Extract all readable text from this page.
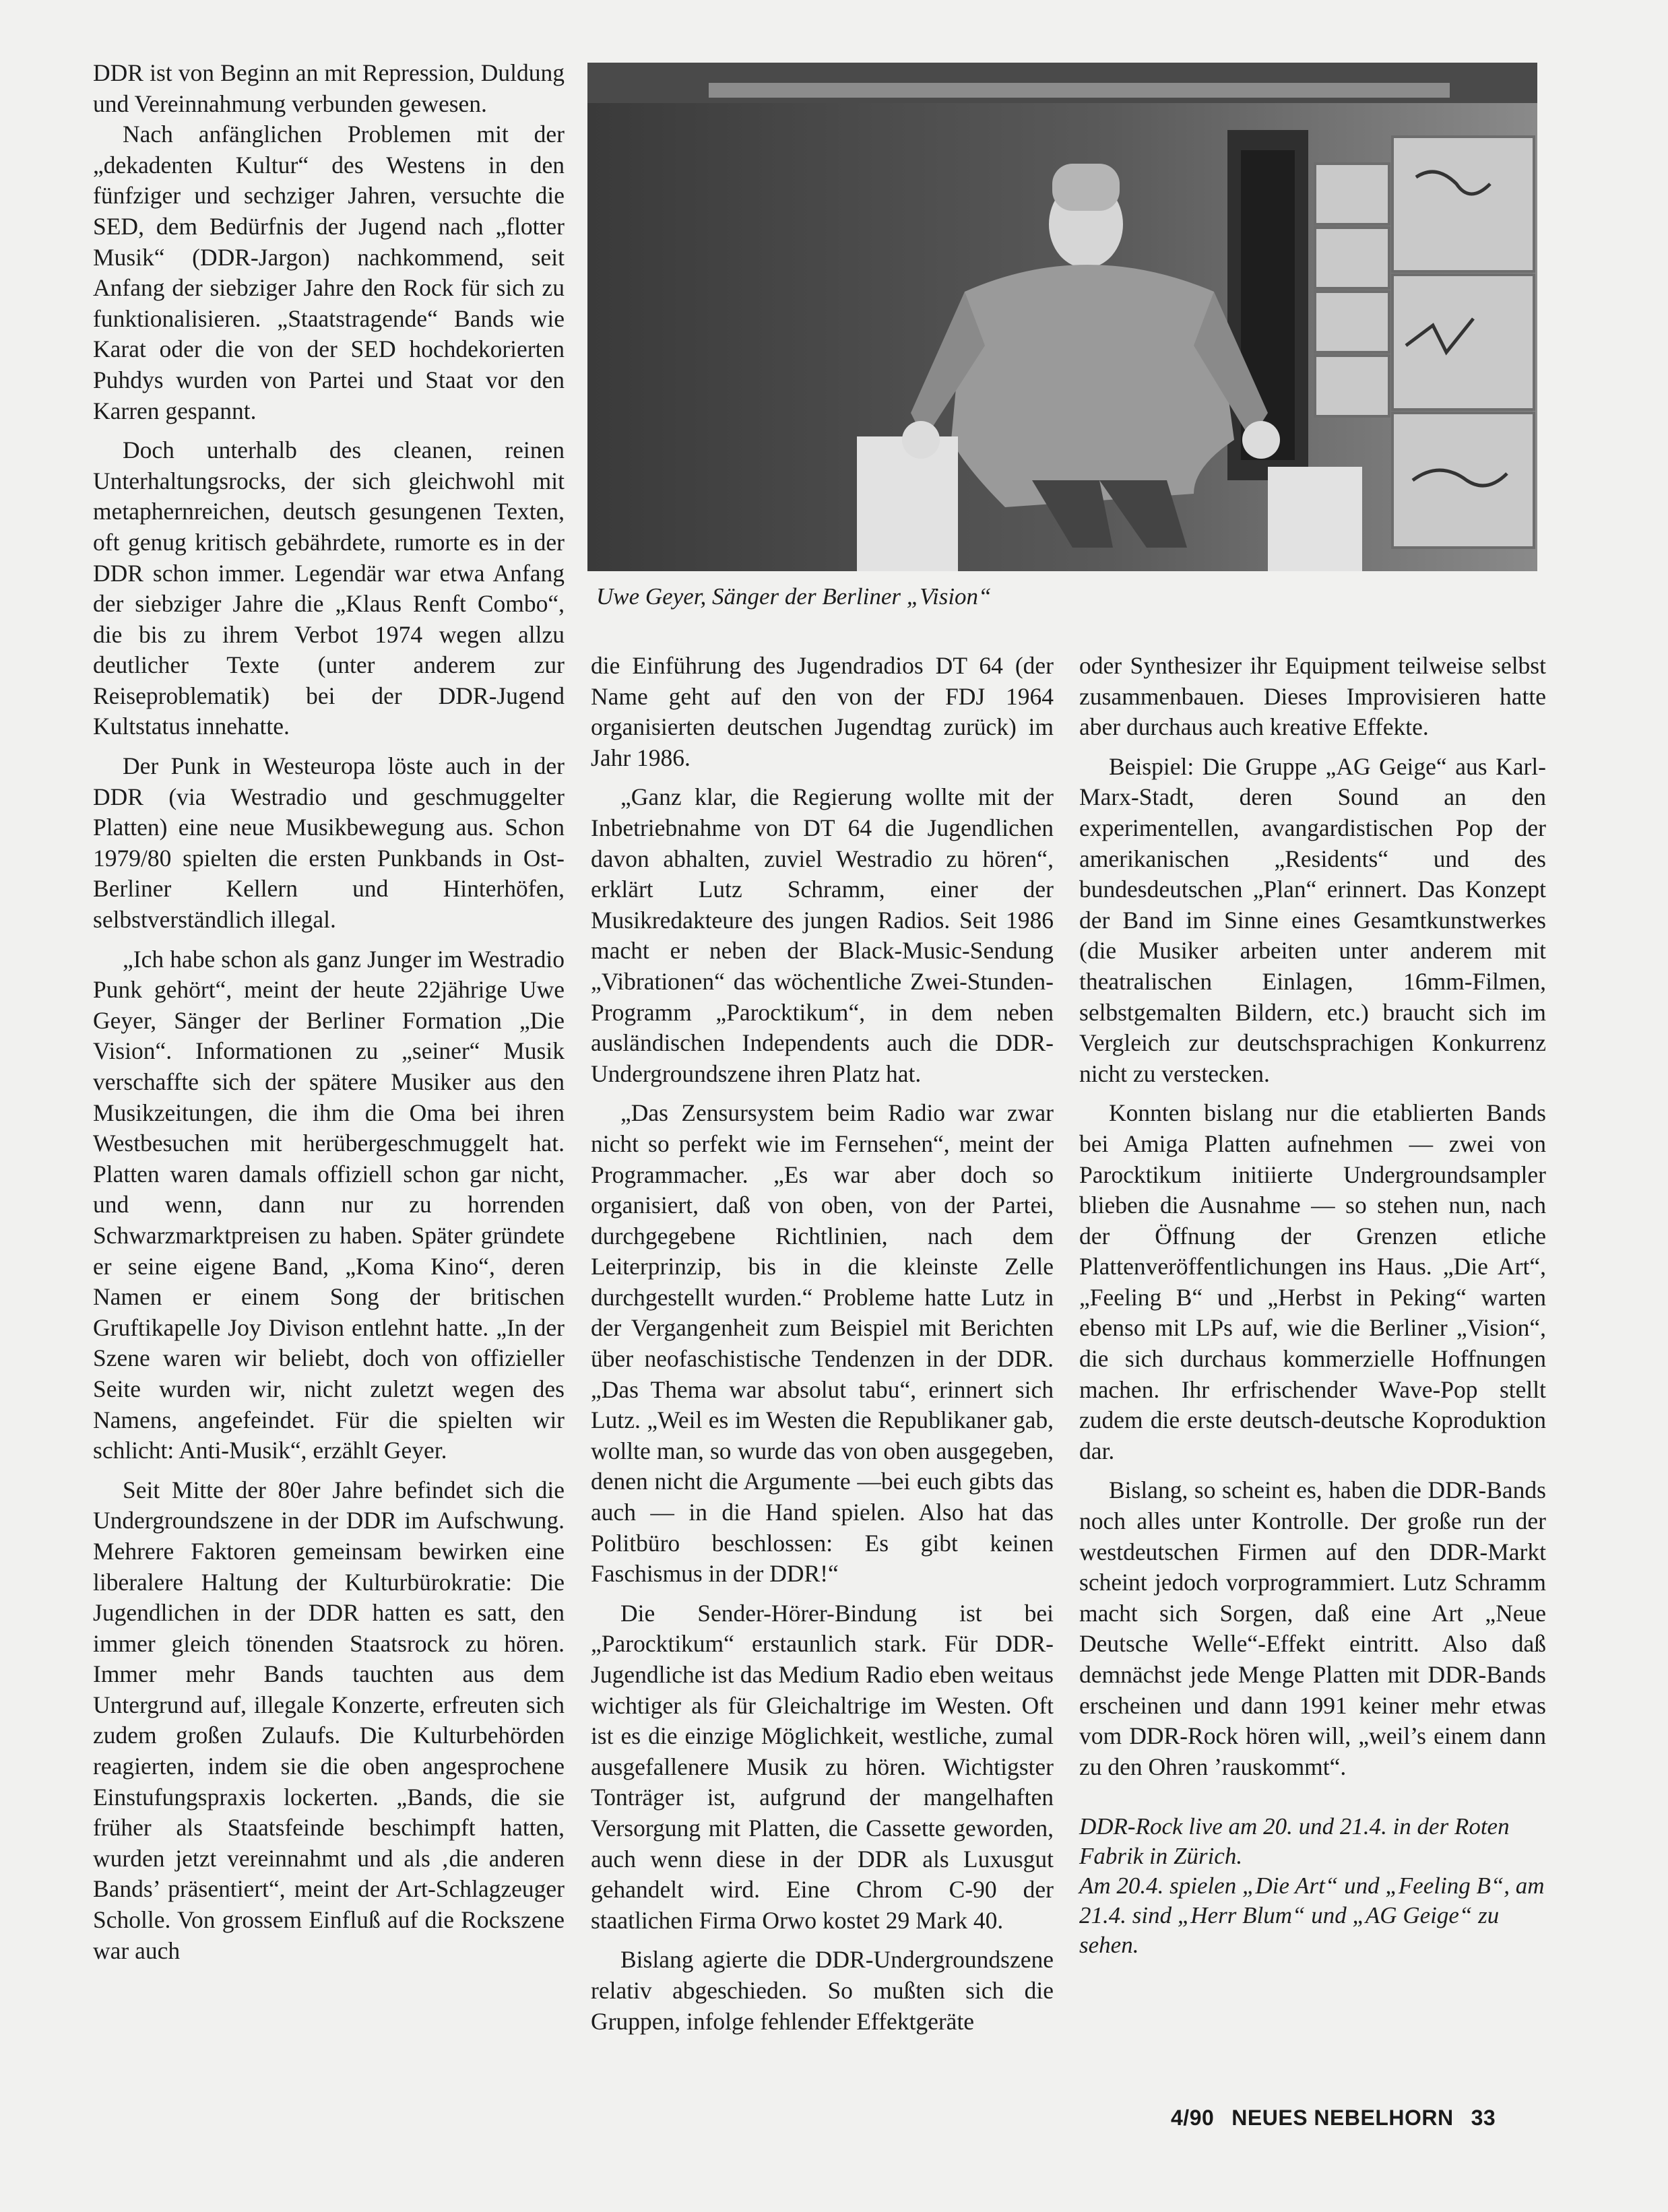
DDR ist von Beginn an mit Repression, Duldung und Vereinnahmung verbunden gewesen.

Nach anfänglichen Problemen mit der „dekadenten Kultur“ des Westens in den fünfziger und sechziger Jahren, versuchte die SED, dem Bedürfnis der Jugend nach „flotter Musik“ (DDR-Jargon) nachkommend, seit Anfang der siebziger Jahre den Rock für sich zu funktionalisieren. „Staatstragende“ Bands wie Karat oder die von der SED hochdekorierten Puhdys wurden von Partei und Staat vor den Karren gespannt.

Doch unterhalb des cleanen, reinen Unterhaltungsrocks, der sich gleichwohl mit metaphernreichen, deutsch gesungenen Texten, oft genug kritisch gebährdete, rumorte es in der DDR schon immer. Legendär war etwa Anfang der siebziger Jahre die „Klaus Renft Combo“, die bis zu ihrem Verbot 1974 wegen allzu deutlicher Texte (unter anderem zur Reiseproblematik) bei der DDR-Jugend Kultstatus innehatte.

Der Punk in Westeuropa löste auch in der DDR (via Westradio und geschmuggelter Platten) eine neue Musikbewegung aus. Schon 1979/80 spielten die ersten Punkbands in Ost-Berliner Kellern und Hinterhöfen, selbstverständlich illegal.

„Ich habe schon als ganz Junger im Westradio Punk gehört“, meint der heute 22jährige Uwe Geyer, Sänger der Berliner Formation „Die Vision“. Informationen zu „seiner“ Musik verschaffte sich der spätere Musiker aus den Musikzeitungen, die ihm die Oma bei ihren Westbesuchen mit herübergeschmuggelt hat. Platten waren damals offiziell schon gar nicht, und wenn, dann nur zu horrenden Schwarzmarktpreisen zu haben. Später gründete er seine eigene Band, „Koma Kino“, deren Namen er einem Song der britischen Gruftikapelle Joy Divison entlehnt hatte. „In der Szene waren wir beliebt, doch von offizieller Seite wurden wir, nicht zuletzt wegen des Namens, angefeindet. Für die spielten wir schlicht: Anti-Musik“, erzählt Geyer.

Seit Mitte der 80er Jahre befindet sich die Undergroundszene in der DDR im Aufschwung. Mehrere Faktoren gemeinsam bewirken eine liberalere Haltung der Kulturbürokratie: Die Jugendlichen in der DDR hatten es satt, den immer gleich tönenden Staatsrock zu hören. Immer mehr Bands tauchten aus dem Untergrund auf, illegale Konzerte, erfreuten sich zudem großen Zulaufs. Die Kulturbehörden reagierten, indem sie die oben angesprochene Einstufungspraxis lockerten. „Bands, die sie früher als Staatsfeinde beschimpft hatten, wurden jetzt vereinnahmt und als ‚die anderen Bands’ präsentiert“, meint der Art-Schlagzeuger Scholle. Von grossem Einfluß auf die Rockszene war auch

Uwe Geyer, Sänger der Berliner „Vision“

die Einführung des Jugendradios DT 64 (der Name geht auf den von der FDJ 1964 organisierten deutschen Jugendtag zurück) im Jahr 1986.

„Ganz klar, die Regierung wollte mit der Inbetriebnahme von DT 64 die Jugendlichen davon abhalten, zuviel Westradio zu hören“, erklärt Lutz Schramm, einer der Musikredakteure des jungen Radios. Seit 1986 macht er neben der Black-Music-Sendung „Vibrationen“ das wöchentliche Zwei-Stunden-Programm „Parocktikum“, in dem neben ausländischen Independents auch die DDR-Undergroundszene ihren Platz hat.

„Das Zensursystem beim Radio war zwar nicht so perfekt wie im Fernsehen“, meint der Programmacher. „Es war aber doch so organisiert, daß von oben, von der Partei, durchgegebene Richtlinien, nach dem Leiterprinzip, bis in die kleinste Zelle durchgestellt wurden.“ Probleme hatte Lutz in der Vergangenheit zum Beispiel mit Berichten über neofaschistische Tendenzen in der DDR. „Das Thema war absolut tabu“, erinnert sich Lutz. „Weil es im Westen die Republikaner gab, wollte man, so wurde das von oben ausgegeben, denen nicht die Argumente —bei euch gibts das auch — in die Hand spielen. Also hat das Politbüro beschlossen: Es gibt keinen Faschismus in der DDR!“

Die Sender-Hörer-Bindung ist bei „Parocktikum“ erstaunlich stark. Für DDR-Jugendliche ist das Medium Radio eben weitaus wichtiger als für Gleichaltrige im Westen. Oft ist es die einzige Möglichkeit, westliche, zumal ausgefallenere Musik zu hören. Wichtigster Tonträger ist, aufgrund der mangelhaften Versorgung mit Platten, die Cassette geworden, auch wenn diese in der DDR als Luxusgut gehandelt wird. Eine Chrom C-90 der staatlichen Firma Orwo kostet 29 Mark 40.

Bislang agierte die DDR-Undergroundszene relativ abgeschieden. So mußten sich die Gruppen, infolge fehlender Effektgeräte

oder Synthesizer ihr Equipment teilweise selbst zusammenbauen. Dieses Improvisieren hatte aber durchaus auch kreative Effekte.

Beispiel: Die Gruppe „AG Geige“ aus Karl-Marx-Stadt, deren Sound an den experimentellen, avangardistischen Pop der amerikanischen „Residents“ und des bundesdeutschen „Plan“ erinnert. Das Konzept der Band im Sinne eines Gesamtkunstwerkes (die Musiker arbeiten unter anderem mit theatralischen Einlagen, 16mm-Filmen, selbstgemalten Bildern, etc.) braucht sich im Vergleich zur deutschsprachigen Konkurrenz nicht zu verstecken.

Konnten bislang nur die etablierten Bands bei Amiga Platten aufnehmen — zwei von Parocktikum initiierte Undergroundsampler blieben die Ausnahme — so stehen nun, nach der Öffnung der Grenzen etliche Plattenveröffentlichungen ins Haus. „Die Art“, „Feeling B“ und „Herbst in Peking“ warten ebenso mit LPs auf, wie die Berliner „Vision“, die sich durchaus kommerzielle Hoffnungen machen. Ihr erfrischender Wave-Pop stellt zudem die erste deutsch-deutsche Koproduktion dar.

Bislang, so scheint es, haben die DDR-Bands noch alles unter Kontrolle. Der große run der westdeutschen Firmen auf den DDR-Markt scheint jedoch vorprogrammiert. Lutz Schramm macht sich Sorgen, daß eine Art „Neue Deutsche Welle“-Effekt eintritt. Also daß demnächst jede Menge Platten mit DDR-Bands erscheinen und dann 1991 keiner mehr etwas vom DDR-Rock hören will, „weil’s einem dann zu den Ohren ’rauskommt“.

DDR-Rock live am 20. und 21.4. in der Roten Fabrik in Zürich.

Am 20.4. spielen „Die Art“ und „Feeling B“, am 21.4. sind „Herr Blum“ und „AG Geige“ zu sehen.

4/90 NEUES NEBELHORN 33
